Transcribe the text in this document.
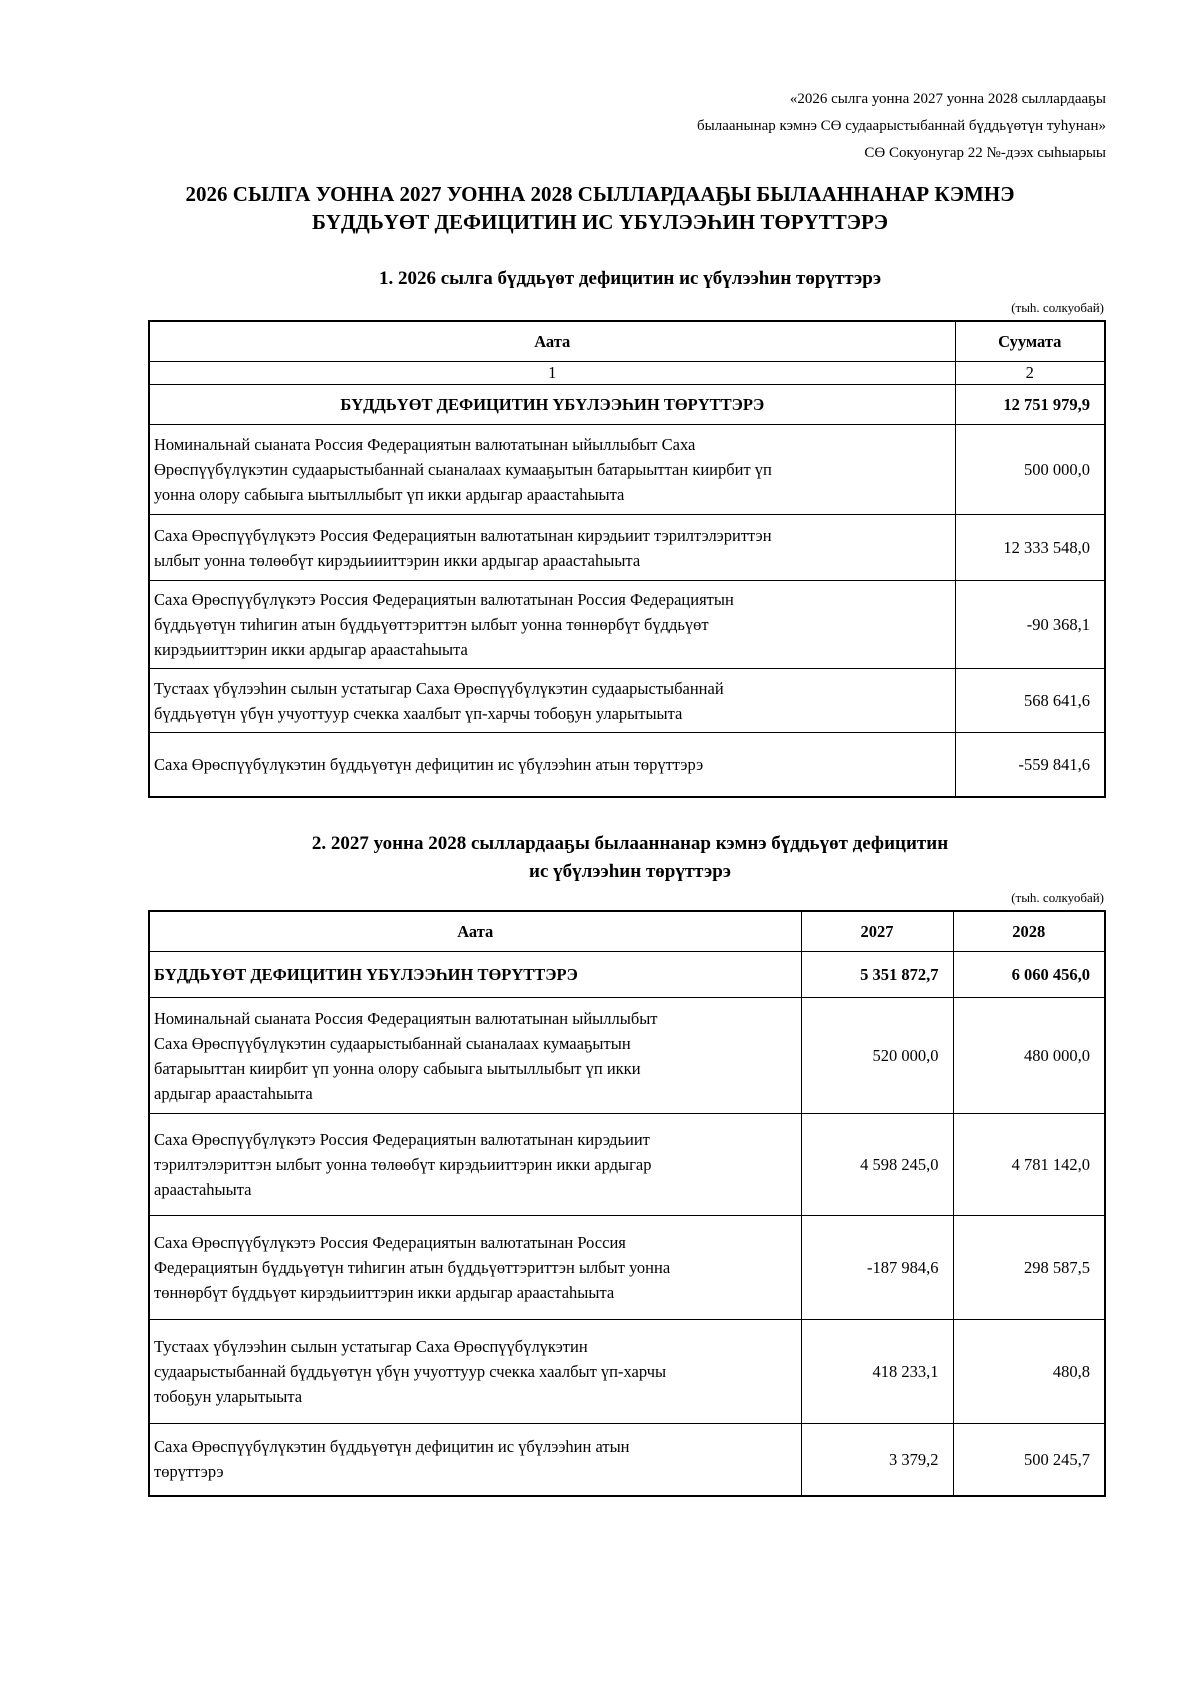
«2026 сылга уонна 2027 уонна 2028 сыллардааҕы
былаанынар кэмнэ СӨ судаарыстыбаннай бүддьүөтүн туһунан»
СӨ Сокуонугар 22 №-дээх сыһыарыы
2026 СЫЛГА УОННА 2027 УОННА 2028 СЫЛЛАРДААҔЫ БЫЛААННАНАР КЭМНЭ
БҮДДЬҮӨТ ДЕФИЦИТИН ИС ҮБҮЛЭЭҺИН ТӨРҮТТЭРЭ
1. 2026 сылга бүддьүөт дефицитин ис үбүлээһин төрүттэрэ
(тыһ. солкуобай)
Аата	Суумата
1	2
БҮДДЬҮӨТ ДЕФИЦИТИН ҮБҮЛЭЭҺИН ТӨРҮТТЭРЭ	12 751 979,9

Номинальнай сыаната Россия Федерациятын валютатынан ыйыллыбыт Саха
Өрөспүүбүлүкэтин судаарыстыбаннай сыаналаах кумааҕытын батарыыттан киирбит үп
уонна олору сабыыга ыытыллыбыт үп икки ардыгар араастаһыыта	500 000,0

Саха Өрөспүүбүлүкэтэ Россия Федерациятын валютатынан кирэдьиит тэрилтэлэриттэн
ылбыт уонна төлөөбүт кирэдьиииттэрин икки ардыгар араастаһыыта	12 333 548,0

Саха Өрөспүүбүлүкэтэ Россия Федерациятын валютатынан Россия Федерациятын
бүддьүөтүн тиһигин атын бүддьүөттэриттэн ылбыт уонна төннөрбүт бүддьүөт
кирэдьииттэрин икки ардыгар араастаһыыта	-90 368,1

Тустаах үбүлээһин сылын устатыгар Саха Өрөспүүбүлүкэтин судаарыстыбаннай
бүддьүөтүн үбүн учуоттуур счекка хаалбыт үп-харчы тобоҕун уларытыыта	568 641,6

Саха Өрөспүүбүлүкэтин бүддьүөтүн дефицитин ис үбүлээһин атын төрүттэрэ	-559 841,6
2. 2027 уонна 2028 сыллардааҕы былааннанар кэмнэ бүддьүөт дефицитин
ис үбүлээһин төрүттэрэ
(тыһ. солкуобай)
Аата	2027	2028
БҮДДЬҮӨТ ДЕФИЦИТИН ҮБҮЛЭЭҺИН ТӨРҮТТЭРЭ	5 351 872,7	6 060 456,0

Номинальнай сыаната Россия Федерациятын валютатынан ыйыллыбыт
Саха Өрөспүүбүлүкэтин судаарыстыбаннай сыаналаах кумааҕытын
батарыыттан киирбит үп уонна олору сабыыга ыытыллыбыт үп икки
ардыгар араастаһыыта	520 000,0	480 000,0

Саха Өрөспүүбүлүкэтэ Россия Федерациятын валютатынан кирэдьиит
тэрилтэлэриттэн ылбыт уонна төлөөбүт кирэдьииттэрин икки ардыгар
араастаһыыта	4 598 245,0	4 781 142,0

Саха Өрөспүүбүлүкэтэ Россия Федерациятын валютатынан Россия
Федерациятын бүддьүөтүн тиһигин атын бүддьүөттэриттэн ылбыт уонна
төннөрбүт бүддьүөт кирэдьииттэрин икки ардыгар араастаһыыта	-187 984,6	298 587,5

Тустаах үбүлээһин сылын устатыгар Саха Өрөспүүбүлүкэтин
судаарыстыбаннай бүддьүөтүн үбүн учуоттуур счекка хаалбыт үп-харчы
тобоҕун уларытыыта	418 233,1	480,8

Саха Өрөспүүбүлүкэтин бүддьүөтүн дефицитин ис үбүлээһин атын
төрүттэрэ	3 379,2	500 245,7
